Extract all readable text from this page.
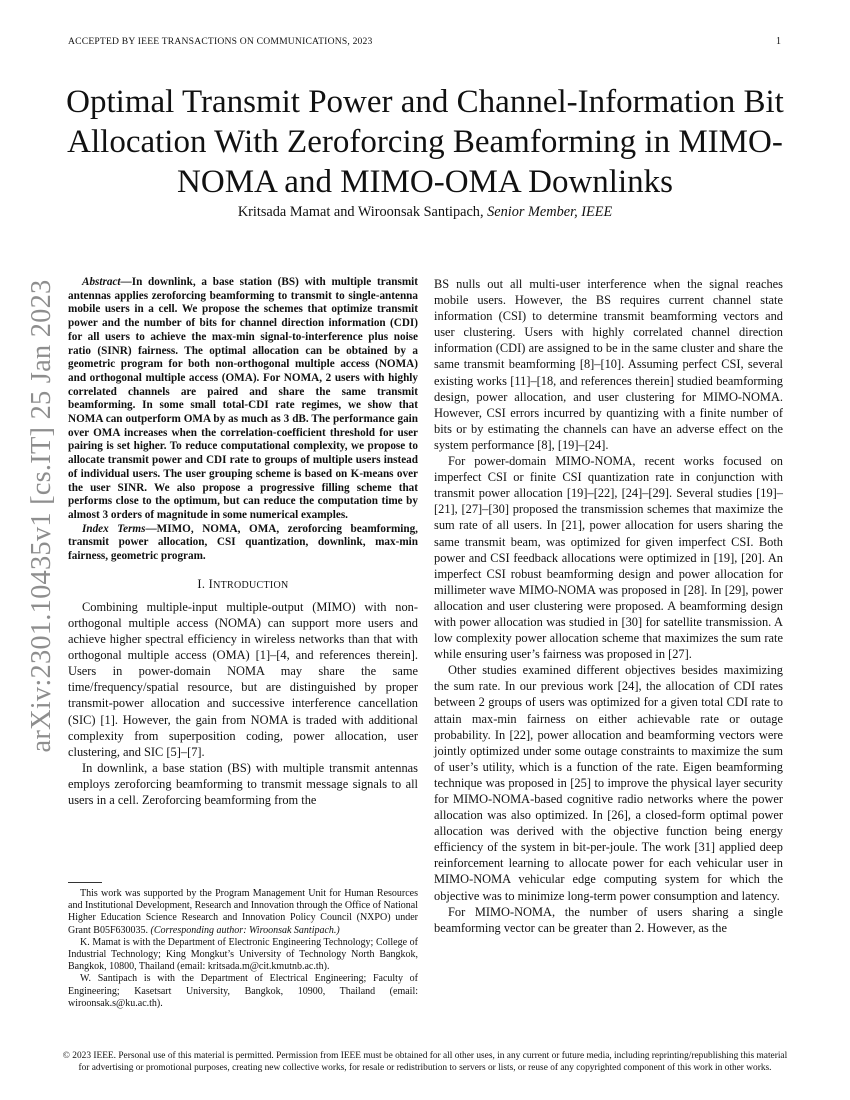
ACCEPTED BY IEEE TRANSACTIONS ON COMMUNICATIONS, 2023	1
Optimal Transmit Power and Channel-Information Bit Allocation With Zeroforcing Beamforming in MIMO-NOMA and MIMO-OMA Downlinks
Kritsada Mamat and Wiroonsak Santipach, Senior Member, IEEE
arXiv:2301.10435v1 [cs.IT] 25 Jan 2023	Abstract—In downlink, a base station (BS) with multiple transmit antennas applies zeroforcing beamforming to transmit to single-antenna mobile users in a cell. We propose the schemes that optimize transmit power and the number of bits for channel direction information (CDI) for all users to achieve the max-min signal-to-interference plus noise ratio (SINR) fairness. The optimal allocation can be obtained by a geometric program for both non-orthogonal multiple access (NOMA) and orthogonal multiple access (OMA). For NOMA, 2 users with highly correlated channels are paired and share the same transmit beamforming. In some small total-CDI rate regimes, we show that NOMA can outperform OMA by as much as 3 dB. The performance gain over OMA increases when the correlation-coefficient threshold for user pairing is set higher. To reduce computational complexity, we propose to allocate transmit power and CDI rate to groups of multiple users instead of individual users. The user grouping scheme is based on K-means over the user SINR. We also propose a progressive filling scheme that performs close to the optimum, but can reduce the computation time by almost 3 orders of magnitude in some numerical examples.

Index Terms—MIMO, NOMA, OMA, zeroforcing beamforming, transmit power allocation, CSI quantization, downlink, max-min fairness, geometric program.

I. INTRODUCTION

Combining multiple-input multiple-output (MIMO) with non-orthogonal multiple access (NOMA) can support more users and achieve higher spectral efficiency in wireless networks than that with orthogonal multiple access (OMA) [1]–[4, and references therein]. Users in power-domain NOMA may share the same time/frequency/spatial resource, but are distinguished by proper transmit-power allocation and successive interference cancellation (SIC) [1]. However, the gain from NOMA is traded with additional complexity from superposition coding, power allocation, user clustering, and SIC [5]–[7].

In downlink, a base station (BS) with multiple transmit antennas employs zeroforcing beamforming to transmit message signals to all users in a cell. Zeroforcing beamforming from the

This work was supported by the Program Management Unit for Human Resources and Institutional Development, Research and Innovation through the Office of National Higher Education Science Research and Innovation Policy Council (NXPO) under Grant B05F630035. (Corresponding author: Wiroonsak Santipach.)

K. Mamat is with the Department of Electronic Engineering Technology; College of Industrial Technology; King Mongkut’s University of Technology North Bangkok, Bangkok, 10800, Thailand (email: kritsada.m@cit.kmutnb.ac.th).

W. Santipach is with the Department of Electrical Engineering; Faculty of Engineering; Kasetsart University, Bangkok, 10900, Thailand (email: wiroonsak.s@ku.ac.th).

BS nulls out all multi-user interference when the signal reaches mobile users. However, the BS requires current channel state information (CSI) to determine transmit beamforming vectors and user clustering. Users with highly correlated channel direction information (CDI) are assigned to be in the same cluster and share the same transmit beamforming [8]–[10]. Assuming perfect CSI, several existing works [11]–[18, and references therein] studied beamforming design, power allocation, and user clustering for MIMO-NOMA. However, CSI errors incurred by quantizing with a finite number of bits or by estimating the channels can have an adverse effect on the system performance [8], [19]–[24].

For power-domain MIMO-NOMA, recent works focused on imperfect CSI or finite CSI quantization rate in conjunction with transmit power allocation [19]–[22], [24]–[29]. Several studies [19]–[21], [27]–[30] proposed the transmission schemes that maximize the sum rate of all users. In [21], power allocation for users sharing the same transmit beam, was optimized for given imperfect CSI. Both power and CSI feedback allocations were optimized in [19], [20]. An imperfect CSI robust beamforming design and power allocation for millimeter wave MIMO-NOMA was proposed in [28]. In [29], power allocation and user clustering were proposed. A beamforming design with power allocation was studied in [30] for satellite transmission. A low complexity power allocation scheme that maximizes the sum rate while ensuring user’s fairness was proposed in [27].

Other studies examined different objectives besides maximizing the sum rate. In our previous work [24], the allocation of CDI rates between 2 groups of users was optimized for a given total CDI rate to attain max-min fairness on either achievable rate or outage probability. In [22], power allocation and beamforming vectors were jointly optimized under some outage constraints to maximize the sum of user’s utility, which is a function of the rate. Eigen beamforming technique was proposed in [25] to improve the physical layer security for MIMO-NOMA-based cognitive radio networks where the power allocation was also optimized. In [26], a closed-form optimal power allocation was derived with the objective function being energy efficiency of the system in bit-per-joule. The work [31] applied deep reinforcement learning to allocate power for each vehicular user in MIMO-NOMA vehicular edge computing system for which the objective was to minimize long-term power consumption and latency.

For MIMO-NOMA, the number of users sharing a single beamforming vector can be greater than 2. However, as the

© 2023 IEEE. Personal use of this material is permitted. Permission from IEEE must be obtained for all other uses, in any current or future media, including reprinting/republishing this material for advertising or promotional purposes, creating new collective works, for resale or redistribution to servers or lists, or reuse of any copyrighted component of this work in other works.
